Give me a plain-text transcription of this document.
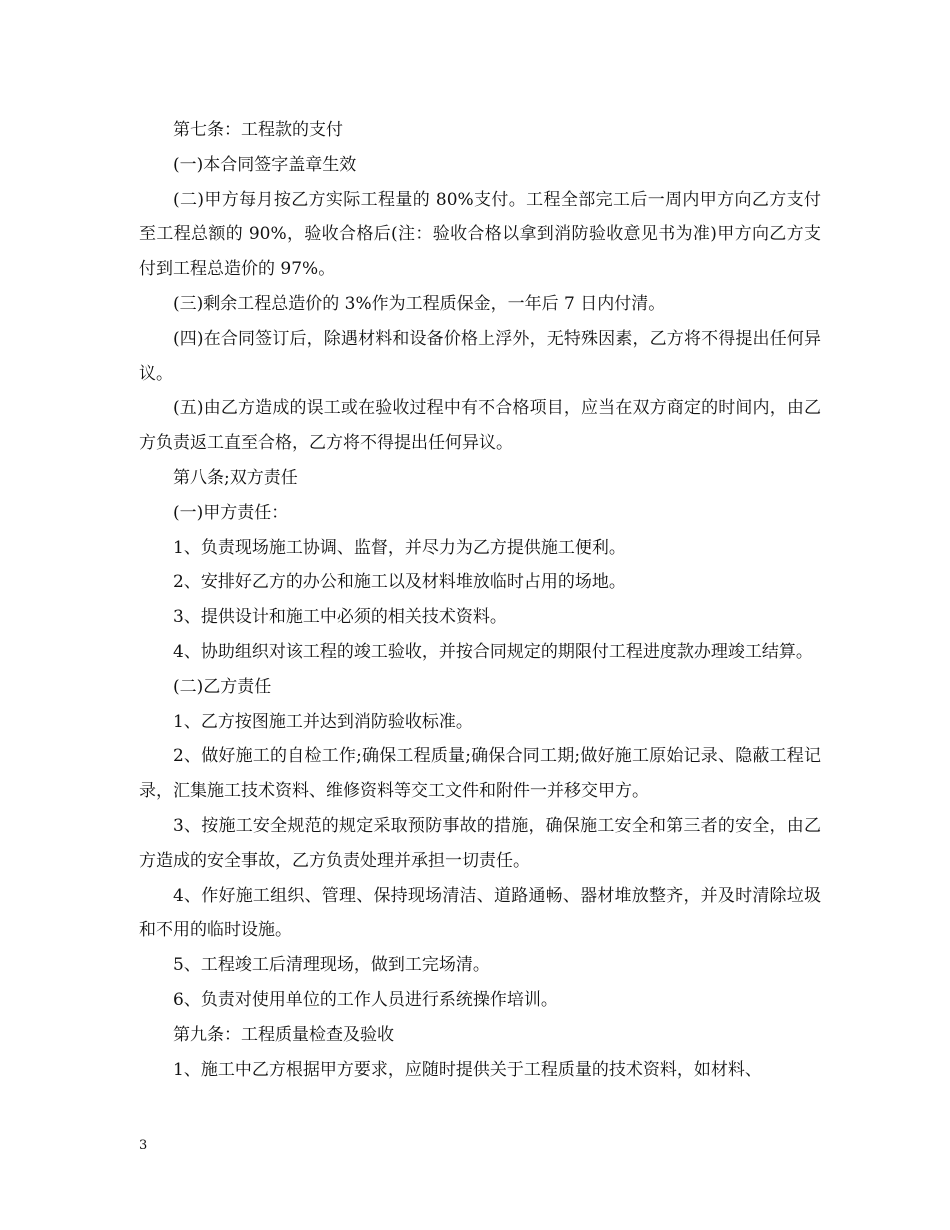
第七条：工程款的支付

(一)本合同签字盖章生效

(二)甲方每月按乙方实际工程量的 80%支付。工程全部完工后一周内甲方向乙方支付至工程总额的 90%，验收合格后(注：验收合格以拿到消防验收意见书为准)甲方向乙方支付到工程总造价的 97%。

(三)剩余工程总造价的 3%作为工程质保金，一年后 7 日内付清。

(四)在合同签订后，除遇材料和设备价格上浮外，无特殊因素，乙方将不得提出任何异议。

(五)由乙方造成的误工或在验收过程中有不合格项目，应当在双方商定的时间内，由乙方负责返工直至合格，乙方将不得提出任何异议。

第八条;双方责任

(一)甲方责任：

1、负责现场施工协调、监督，并尽力为乙方提供施工便利。

2、安排好乙方的办公和施工以及材料堆放临时占用的场地。

3、提供设计和施工中必须的相关技术资料。

4、协助组织对该工程的竣工验收，并按合同规定的期限付工程进度款办理竣工结算。

(二)乙方责任

1、乙方按图施工并达到消防验收标准。

2、做好施工的自检工作;确保工程质量;确保合同工期;做好施工原始记录、隐蔽工程记录，汇集施工技术资料、维修资料等交工文件和附件一并移交甲方。

3、按施工安全规范的规定采取预防事故的措施，确保施工安全和第三者的安全，由乙方造成的安全事故，乙方负责处理并承担一切责任。

4、作好施工组织、管理、保持现场清洁、道路通畅、器材堆放整齐，并及时清除垃圾和不用的临时设施。

5、工程竣工后清理现场，做到工完场清。

6、负责对使用单位的工作人员进行系统操作培训。

第九条：工程质量检查及验收

1、施工中乙方根据甲方要求，应随时提供关于工程质量的技术资料，如材料、

3
